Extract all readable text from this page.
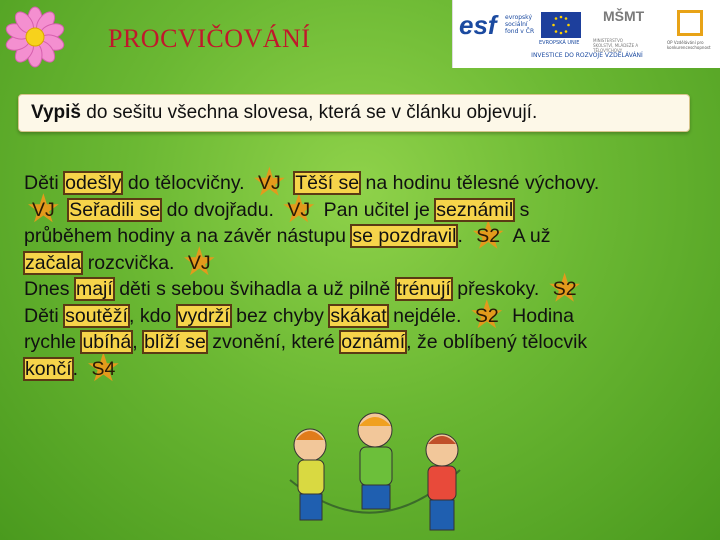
PROCVIČOVÁNÍ	esf evropský sociální fond v ČR
EVROPSKÁ UNIE
MŠMT
MINISTERSTVO ŠKOLSTVÍ, MLÁDEŽE A TĚLOVÝCHOVY
OP Vzdělávání pro konkurenceschopnost
INVESTICE DO ROZVOJE VZDĚLÁVÁNÍ
Vypiš do sešitu všechna slovesa, která se v článku objevují.
Děti odešly do tělocvičny. VJ Těší se na hodinu tělesné výchovy.
VJ Seřadili se do dvojřadu. VJ Pan učitel je seznámil s
průběhem hodiny a na závěr nástupu se pozdravil. S2 A už
začala rozcvička. VJ
Dnes mají děti s sebou švihadla a už pilně trénují přeskoky. S2
Děti soutěží, kdo vydrží bez chyby skákat nejdéle. S2 Hodina
rychle ubíhá, blíží se zvonění, které oznámí, že oblíbený tělocvik
končí. S4
